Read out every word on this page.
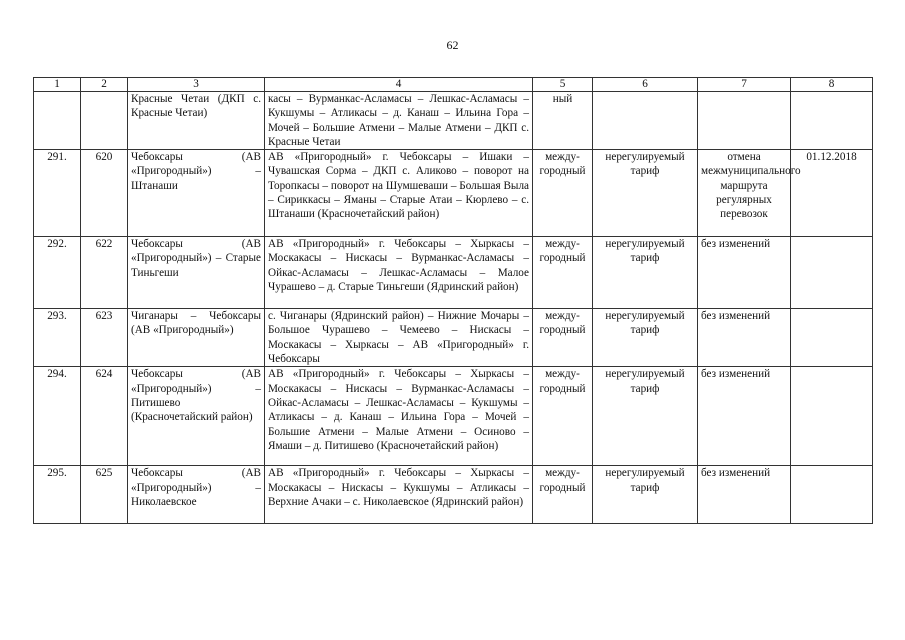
62
1	2	3	4	5	6	7	8
		Красные Четаи (ДКП с. Красные Четаи)	касы – Вурманкас-Асламасы – Лешкас-Асламасы – Кукшумы – Атликасы – д. Канаш – Ильина Гора – Мочей – Большие Атмени – Малые Атмени – ДКП с. Красные Четаи	ный			
291.	620	Чебоксары (АВ «Пригородный») – Штанаши	АВ «Пригородный» г. Чебоксары – Ишаки – Чувашская Сорма – ДКП с. Аликово – поворот на Торопкасы – поворот на Шумшеваши – Большая Выла – Сириккасы – Яманы – Старые Атаи – Кюрлево – с. Штанаши (Красночетайский район)	междугородный	нерегулируемый тариф	отмена межмуниципального маршрута регулярных перевозок	01.12.2018
292.	622	Чебоксары (АВ «Пригородный») – Старые Тиньгеши	АВ «Пригородный» г. Чебоксары – Хыркасы – Москакасы – Нискасы – Вурманкас-Асламасы – Ойкас-Асламасы – Лешкас-Асламасы – Малое Чурашево – д. Старые Тиньгеши (Ядринский район)	междугородный	нерегулируемый тариф	без изменений	
293.	623	Чиганары – Чебоксары (АВ «Пригородный»)	с. Чиганары (Ядринский район) – Нижние Мочары – Большое Чурашево – Чемеево – Нискасы – Москакасы – Хыркасы – АВ «Пригородный» г. Чебоксары	междугородный	нерегулируемый тариф	без изменений	
294.	624	Чебоксары (АВ «Пригородный») – Питишево (Красночетайский район)	АВ «Пригородный» г. Чебоксары – Хыркасы – Москакасы – Нискасы – Вурманкас-Асламасы – Ойкас-Асламасы – Лешкас-Асламасы – Кукшумы – Атликасы – д. Канаш – Ильина Гора – Мочей – Большие Атмени – Малые Атмени – Осиново – Ямаши – д. Питишево (Красночетайский район)	междугородный	нерегулируемый тариф	без изменений	
295.	625	Чебоксары (АВ «Пригородный») – Николаевское	АВ «Пригородный» г. Чебоксары – Хыркасы – Москакасы – Нискасы – Кукшумы – Атликасы – Верхние Ачаки – с. Николаевское (Ядринский район)	междугородный	нерегулируемый тариф	без изменений	
